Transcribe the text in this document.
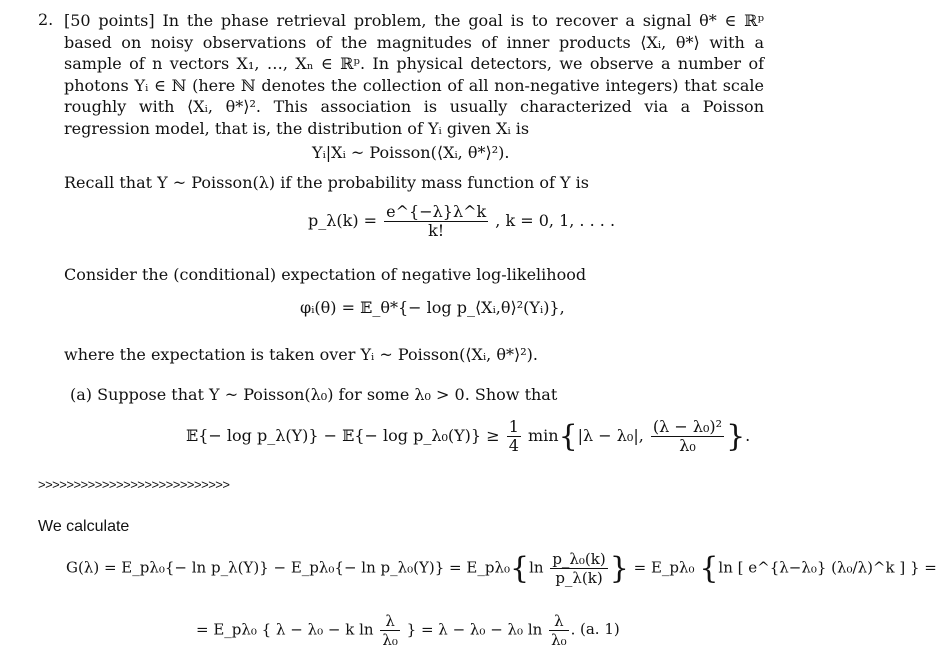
2. [50 points] In the phase retrieval problem, the goal is to recover a signal θ* ∈ ℝᵖ based on noisy observations of the magnitudes of inner products ⟨Xᵢ, θ*⟩ with a sample of n vectors X₁, …, Xₙ ∈ ℝᵖ. In physical detectors, we observe a number of photons Yᵢ ∈ ℕ (here ℕ denotes the collection of all non-negative integers) that scale roughly with ⟨Xᵢ, θ*⟩². This association is usually characterized via a Poisson regression model, that is, the distribution of Yᵢ given Xᵢ is
Yᵢ|Xᵢ ~ Poisson(⟨Xᵢ, θ*⟩²).
Recall that Y ~ Poisson(λ) if the probability mass function of Y is
p_λ(k) = $\frac{e\^{}\{-\lambda\}\lambda\^{}k}{k!}$ , k = 0, 1, . . . .
Consider the (conditional) expectation of negative log-likelihood
φᵢ(θ) = 𝔼_θ*{− log p_⟨Xᵢ,θ⟩²(Yᵢ)},
where the expectation is taken over Yᵢ ~ Poisson(⟨Xᵢ, θ*⟩²).
(a) Suppose that Y ~ Poisson(λ₀) for some λ₀ > 0. Show that
𝔼{− log p_λ(Y)} − 𝔼{− log p_λ₀(Y)} ≥ $\frac{1}{4} \min\{|\lambda - \lambda_0|$, $\frac{\text{(λ − λ₀)²}}{\text{λ₀}}$ }.
>>>>>>>>>>>>>>>>>>>>>>>>>>>
We calculate
G(λ) = E_pλ₀{− ln p_λ(Y)} − E_pλ₀{− ln p_λ₀(Y)} = E_pλ₀{ln $\frac{\text{p\_λ₀(k)}}{p\_\lambda(k)}$ } = E_pλ₀ {ln [ e^{λ−λ₀} (λ₀/λ)^k ] } =
= E_pλ₀ { λ − λ₀ − k $\ln \frac{\lambda}{\text{λ₀}}$ } = λ − λ₀ − λ₀ $\ln \frac{\lambda}{\text{λ₀}}$ . (a. 1)
